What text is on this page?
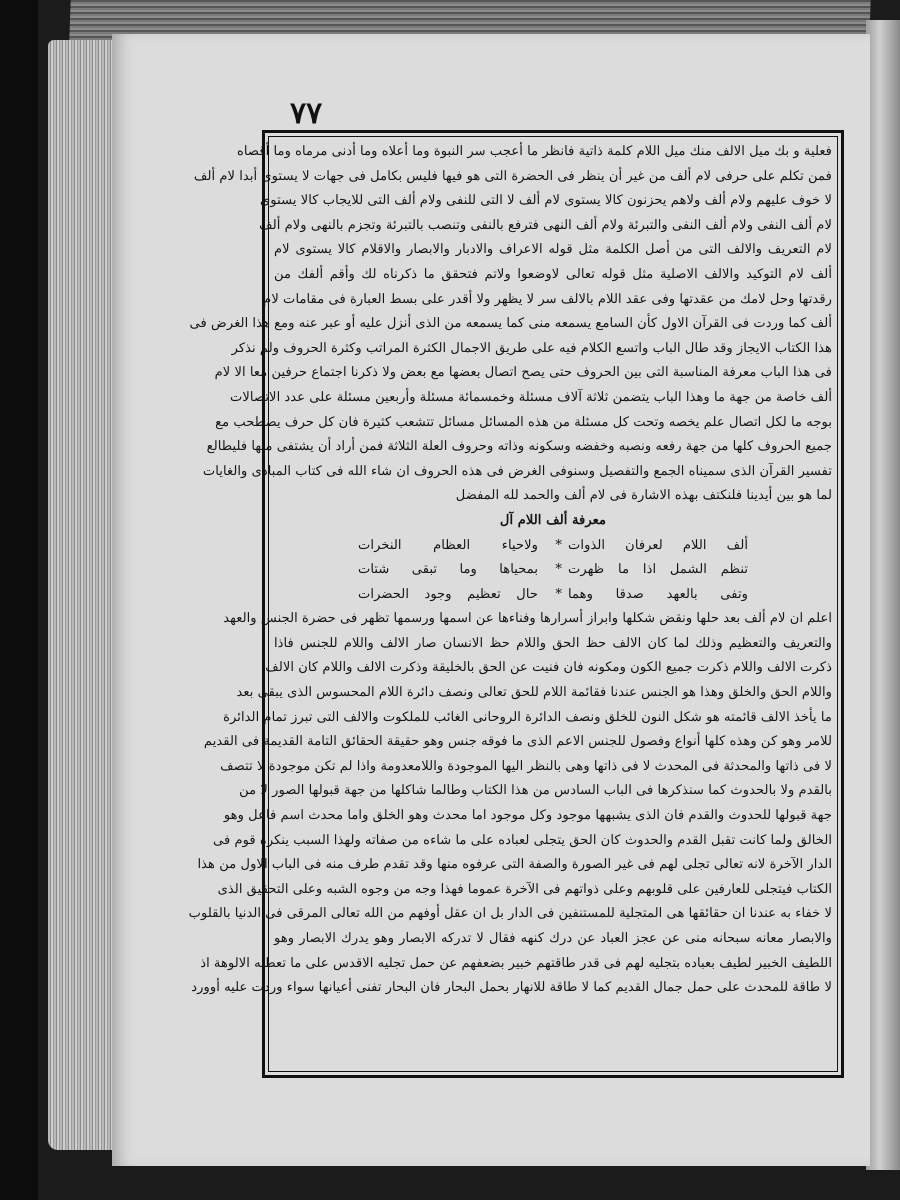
٧٧
فعلية و بك ميل الالف منك ميل اللام كلمة ذاتية فانظر ما أعجب سر النبوة وما أعلاه وما أدنى مرماه وما أقصاه
فمن تكلم على حرفى لام ألف من غير أن ينظر فى الحضرة التى هو فيها فليس بكامل فى جهات لا يستوى أبدا لام ألف
لا خوف عليهم ولام ألف ولاهم يحزنون كالا يستوى لام ألف لا التى للنفى ولام ألف التى للايجاب كالا يستوى
لام ألف النفى ولام ألف النفى والتبرئة ولام ألف النهى فترفع بالنفى وتنصب بالتبرئة وتجزم بالنهى ولام ألف
لام التعريف والالف التى من أصل الكلمة مثل قوله الاعراف والادبار والابصار والاقلام كالا يستوى لام
ألف لام التوكيد والالف الاصلية مثل قوله تعالى لاوضعوا ولاتم فتحقق ما ذكرناه لك وأقم ألفك من
رقدتها وحل لامك من عقدتها وفى عقد اللام بالالف سر لا يظهر ولا أقدر على بسط العبارة فى مقامات لام
ألف كما وردت فى القرآن الاول كأن السامع يسمعه منى كما يسمعه من الذى أنزل عليه أو عبر عنه ومع هذا الغرض فى
هذا الكتاب الايجاز وقد طال الباب واتسع الكلام فيه على طريق الاجمال الكثرة المراتب وكثرة الحروف ولم نذكر
فى هذا الباب معرفة المناسبة التى بين الحروف حتى يصح اتصال بعضها مع بعض ولا ذكرنا اجتماع حرفين معا الا لام
ألف خاصة من جهة ما وهذا الباب يتضمن ثلاثة آلاف مسئلة وخمسمائة مسئلة وأربعين مسئلة على عدد الاتصالات
بوجه ما لكل اتصال علم يخصه وتحت كل مسئلة من هذه المسائل مسائل تتشعب كثيرة فان كل حرف يصطحب مع
جميع الحروف كلها من جهة رفعه ونصبه وخفضه وسكونه وذاته وحروف العلة الثلاثة فمن أراد أن يشتفى منها فليطالع
تفسير القرآن الذى سميناه الجمع والتفصيل وسنوفى الغرض فى هذه الحروف ان شاء الله فى كتاب المبادى والغايات
لما هو بين أيدينا فلنكتف بهذه الاشارة فى لام ألف والحمد لله المفضل
معرفة ألف اللام آل
ألف اللام لعرفان الذوات
*
ولاحياء العظام النخرات
تنظم الشمل اذا ما ظهرت
*
بمحياها وما تبقى شتات
وتفى بالعهد صدقا وهما
*
حال تعظيم وجود الحضرات
اعلم ان لام ألف بعد حلها ونقض شكلها وابراز أسرارها وفناءها عن اسمها ورسمها تظهر فى حضرة الجنس والعهد
والتعريف والتعظيم وذلك لما كان الالف حظ الحق واللام حظ الانسان صار الالف واللام للجنس فاذا
ذكرت الالف واللام ذكرت جميع الكون ومكونه فان فنيت عن الحق بالخليقة وذكرت الالف واللام كان الالف
واللام الحق والخلق وهذا هو الجنس عندنا فقائمة اللام للحق تعالى ونصف دائرة اللام المحسوس الذى يبقى بعد
ما يأخذ الالف قائمته هو شكل النون للخلق ونصف الدائرة الروحانى الغائب للملكوت والالف التى تبرز تمام الدائرة
للامر وهو كن وهذه كلها أنواع وفصول للجنس الاعم الذى ما فوقه جنس وهو حقيقة الحقائق التامة القديمة فى القديم
لا فى ذاتها والمحدثة فى المحدث لا فى ذاتها وهى بالنظر اليها الموجودة واللامعدومة واذا لم تكن موجودة لا تتصف
بالقدم ولا بالحدوث كما سنذكرها فى الباب السادس من هذا الكتاب وطالما شاكلها من جهة قبولها الصور لا من
جهة قبولها للحدوث والقدم فان الذى يشبهها موجود وكل موجود اما محدث وهو الخلق واما محدث اسم فاعل وهو
الخالق ولما كانت تقبل القدم والحدوث كان الحق يتجلى لعباده على ما شاءه من صفاته ولهذا السبب ينكره قوم فى
الدار الآخرة لانه تعالى تجلى لهم فى غير الصورة والصفة التى عرفوه منها وقد تقدم طرف منه فى الباب الاول من هذا
الكتاب فيتجلى للعارفين على قلوبهم وعلى ذواتهم فى الآخرة عموما فهذا وجه من وجوه الشبه وعلى التحقيق الذى
لا خفاء به عندنا ان حقائقها هى المتجلية للمستنفين فى الدار بل ان عقل أوفهم من الله تعالى المرقى فى الدنيا بالقلوب
والابصار معانه سبحانه منى عن عجز العباد عن درك كنهه فقال لا تدركه الابصار وهو يدرك الابصار وهو
اللطيف الخبير لطيف بعباده بتجليه لهم فى قدر طاقتهم خبير بضعفهم عن حمل تجليه الاقدس على ما تعطيه الالوهة اذ
لا طاقة للمحدث على حمل جمال القديم كما لا طاقة للانهار بحمل البحار فان البحار تفنى أعيانها سواء وردت عليه أوورد
